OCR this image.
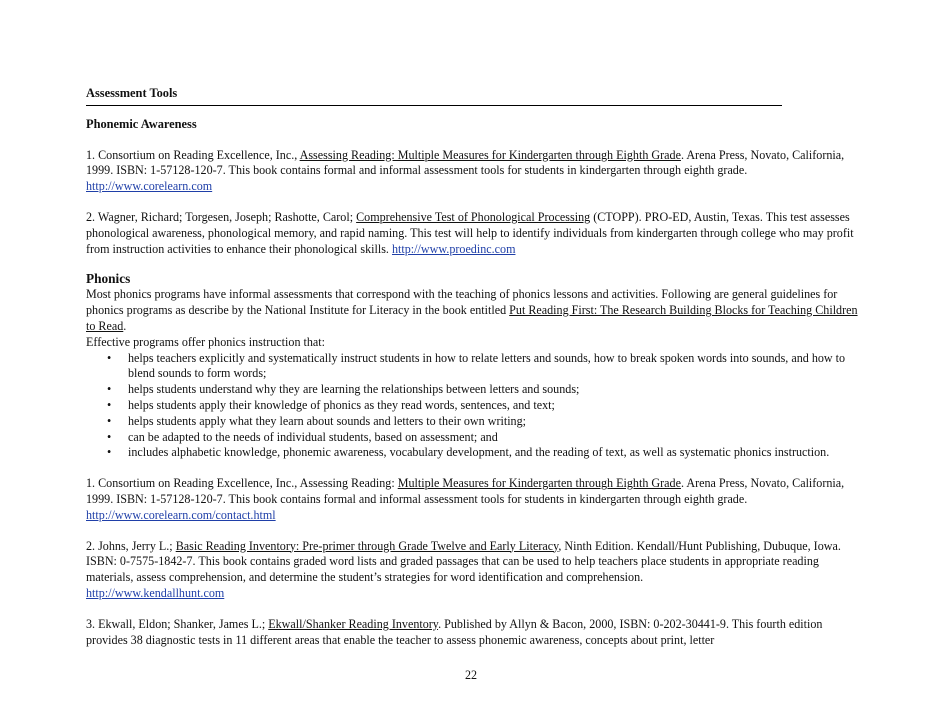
Assessment Tools
Phonemic Awareness

1. Consortium on Reading Excellence, Inc., Assessing Reading: Multiple Measures for Kindergarten through Eighth Grade. Arena Press, Novato, California, 1999. ISBN: 1-57128-120-7. This book contains formal and informal assessment tools for students in kindergarten through eighth grade. http://www.corelearn.com

2. Wagner, Richard; Torgesen, Joseph; Rashotte, Carol; Comprehensive Test of Phonological Processing (CTOPP). PRO-ED, Austin, Texas. This test assesses phonological awareness, phonological memory, and rapid naming. This test will help to identify individuals from kindergarten through college who may profit from instruction activities to enhance their phonological skills. http://www.proedinc.com

Phonics

Most phonics programs have informal assessments that correspond with the teaching of phonics lessons and activities. Following are general guidelines for phonics programs as describe by the National Institute for Literacy in the book entitled Put Reading First: The Research Building Blocks for Teaching Children to Read.

Effective programs offer phonics instruction that:

• helps teachers explicitly and systematically instruct students in how to relate letters and sounds, how to break spoken words into sounds, and how to blend sounds to form words;
• helps students understand why they are learning the relationships between letters and sounds;
• helps students apply their knowledge of phonics as they read words, sentences, and text;
• helps students apply what they learn about sounds and letters to their own writing;
• can be adapted to the needs of individual students, based on assessment; and
• includes alphabetic knowledge, phonemic awareness, vocabulary development, and the reading of text, as well as systematic phonics instruction.

1. Consortium on Reading Excellence, Inc., Assessing Reading: Multiple Measures for Kindergarten through Eighth Grade. Arena Press, Novato, California, 1999. ISBN: 1-57128-120-7. This book contains formal and informal assessment tools for students in kindergarten through eighth grade. http://www.corelearn.com/contact.html

2. Johns, Jerry L.; Basic Reading Inventory: Pre-primer through Grade Twelve and Early Literacy, Ninth Edition. Kendall/Hunt Publishing, Dubuque, Iowa. ISBN: 0-7575-1842-7. This book contains graded word lists and graded passages that can be used to help teachers place students in appropriate reading materials, assess comprehension, and determine the student’s strategies for word identification and comprehension.
http://www.kendallhunt.com

3. Ekwall, Eldon; Shanker, James L.; Ekwall/Shanker Reading Inventory. Published by Allyn & Bacon, 2000, ISBN: 0-202-30441-9. This fourth edition provides 38 diagnostic tests in 11 different areas that enable the teacher to assess phonemic awareness, concepts about print, letter

22
